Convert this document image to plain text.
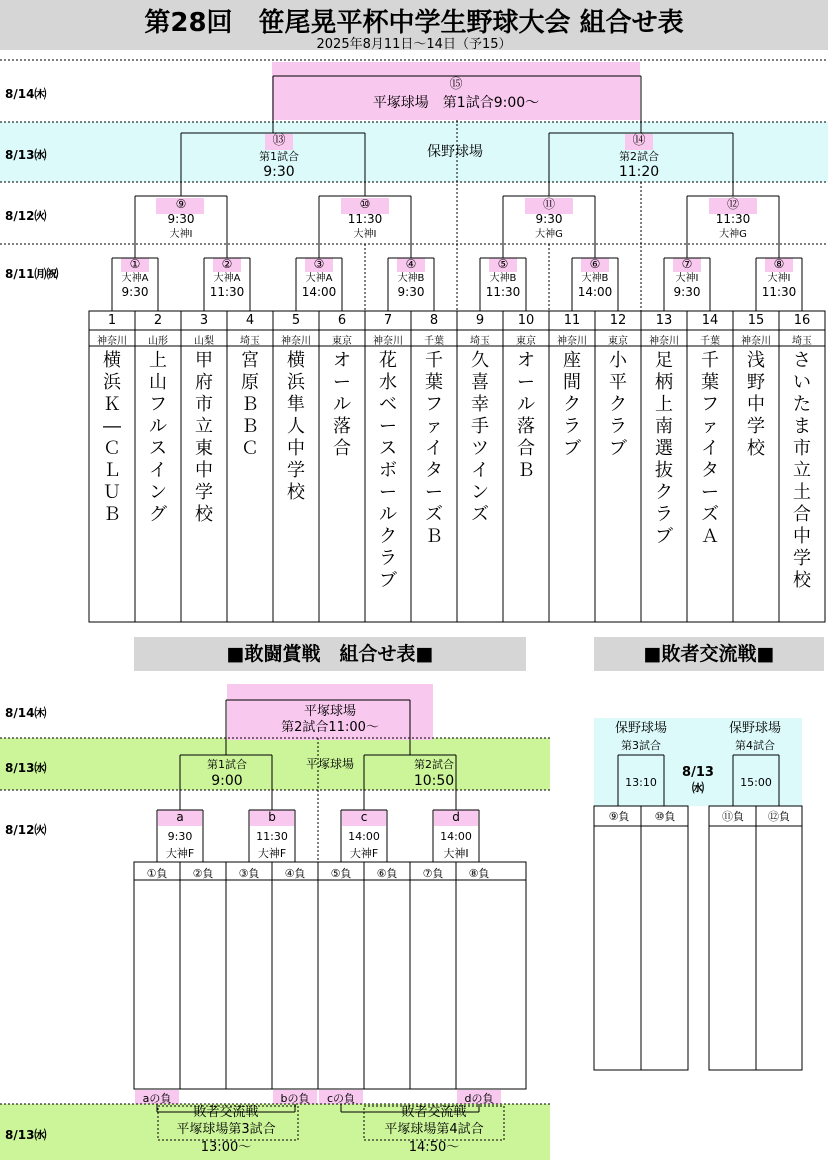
第28回　笹尾晃平杯中学生野球大会 組合せ表
2025年8月11日～14日（予15）
8/14㈭
8/13㈬
8/12㈫
8/11㈪㈷
8/14㈭
8/13㈬
8/12㈫
8/13㈬
⑮
平塚球場　第1試合9:00～
保野球場
⑬
第1試合
9:30
⑭
第2試合
11:20
⑨
9:30
大神Ⅰ
⑩
11:30
大神Ⅰ
⑪
9:30
大神G
⑫
11:30
大神G
①
大神A
9:30
②
大神A
11:30
③
大神A
14:00
④
大神B
9:30
⑤
大神B
11:30
⑥
大神B
14:00
⑦
大神Ⅰ
9:30
⑧
大神Ⅰ
11:30
1
神奈川
横浜Ｋ―ＣＬＵＢ
2
山形
上山フルスイング
3
山梨
甲府市立東中学校
4
埼玉
宮原ＢＢＣ
5
神奈川
横浜隼人中学校
6
東京
オール落合
7
神奈川
花水ベースボールクラブ
8
千葉
千葉ファイターズＢ
9
埼玉
久喜幸手ツインズ
10
東京
オール落合Ｂ
11
神奈川
座間クラブ
12
東京
小平クラブ
13
神奈川
足柄上南選抜クラブ
14
千葉
千葉ファイターズＡ
15
神奈川
浅野中学校
16
埼玉
さいたま市立土合中学校
■敢闘賞戦　組合せ表■	■敗者交流戦■
平塚球場
第2試合11:00～
平塚球場
第1試合
9:00
第2試合
10:50
a
9:30
大神F
b
11:30
大神F
c
14:00
大神F
d
14:00
大神Ⅰ
①負	②負	③負	④負	⑤負	⑥負	⑦負	⑧負
aの負	bの負	cの負	dの負
敗者交流戦
平塚球場第3試合
13:00～
敗者交流戦
平塚球場第4試合
14:50～
保野球場
第3試合
13:10
保野球場
第4試合
15:00
8/13
㈬
⑨負	⑩負	⑪負	⑫負
